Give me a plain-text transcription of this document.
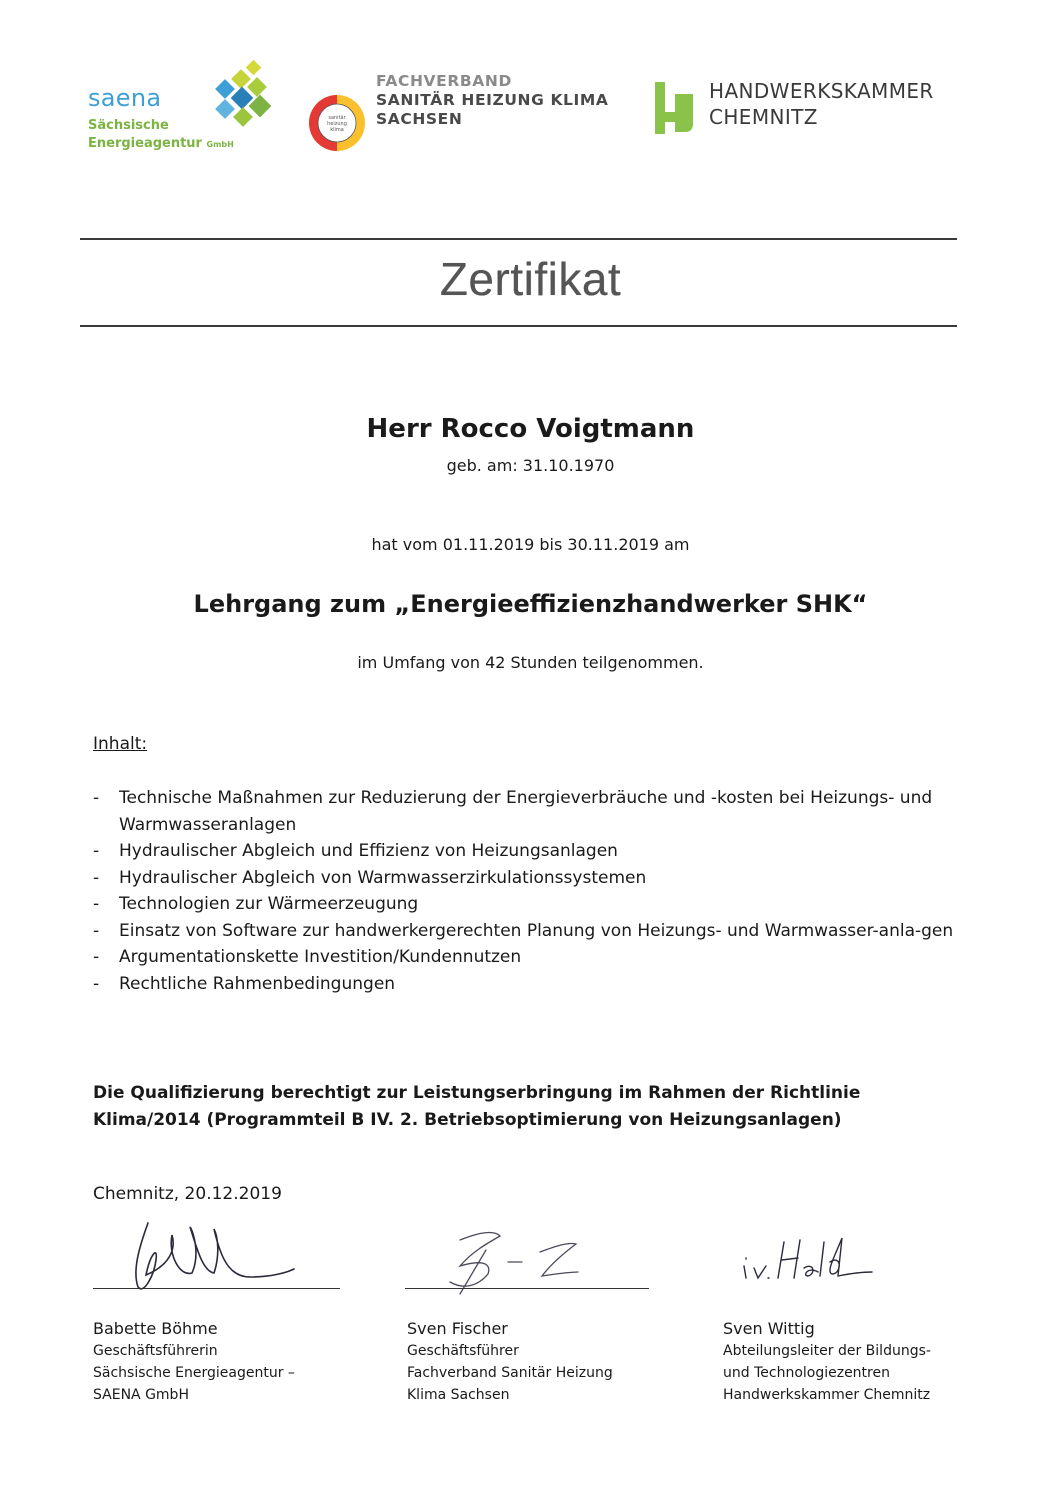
saena
Sächsische
Energieagentur GmbH
sanitär
heizung
klima
FACHVERBAND
SANITÄR HEIZUNG KLIMA
SACHSEN
HANDWERKSKAMMER
CHEMNITZ
Zertifikat
Herr Rocco Voigtmann
geb. am: 31.10.1970
hat vom 01.11.2019 bis 30.11.2019 am
Lehrgang zum „Energieeffizienzhandwerker SHK“
im Umfang von 42 Stunden teilgenommen.
Inhalt:
- Technische Maßnahmen zur Reduzierung der Energieverbräuche und -kosten bei Heizungs- und Warmwasseranlagen
- Hydraulischer Abgleich und Effizienz von Heizungsanlagen
- Hydraulischer Abgleich von Warmwasserzirkulationssystemen
- Technologien zur Wärmeerzeugung
- Einsatz von Software zur handwerkergerechten Planung von Heizungs- und Warmwasser-anla-gen
- Argumentationskette Investition/Kundennutzen
- Rechtliche Rahmenbedingungen
Die Qualifizierung berechtigt zur Leistungserbringung im Rahmen der Richtlinie Klima/2014 (Programmteil B IV. 2. Betriebsoptimierung von Heizungsanlagen)
Chemnitz, 20.12.2019
Babette Böhme
Geschäftsführerin
Sächsische Energieagentur –
SAENA GmbH
Sven Fischer
Geschäftsführer
Fachverband Sanitär Heizung
Klima Sachsen
Sven Wittig
Abteilungsleiter der Bildungs-
und Technologiezentren
Handwerkskammer Chemnitz
